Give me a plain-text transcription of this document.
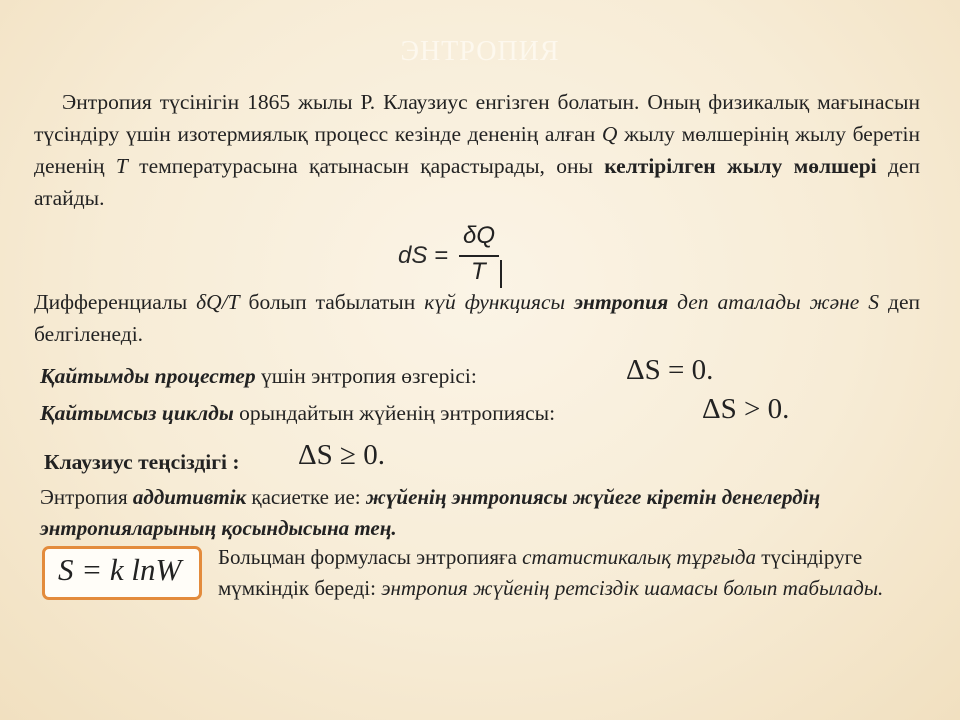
ЭНТРОПИЯ
Энтропия түсінігін 1865 жылы Р. Клаузиус енгізген болатын. Оның физикалық мағынасын түсіндіру үшін изотермиялық процесс кезінде дененің алған Q жылу мөлшерінің жылу беретін дененің T температурасына қатынасын қарастырады, оны келтірілген жылу мөлшері деп атайды.
dS =
δQ
T
Дифференциалы δQ/T болып табылатын күй функциясы энтропия деп аталады және S деп белгіленеді.
Қайтымды процестер үшін энтропия өзгерісі:	ΔS = 0.
Қайтымсыз циклды орындайтын жүйенің энтропиясы:	ΔS > 0.
Клаузиус теңсіздігі : ΔS ≥ 0.
Энтропия аддитивтік қасиетке ие: жүйенің энтропиясы жүйеге кіретін денелердің энтропияларының қосындысына тең.
S = k lnW Больцман формуласы энтропияға статистикалық тұрғыда түсіндіруге мүмкіндік береді: энтропия жүйенің ретсіздік шамасы болып табылады.
